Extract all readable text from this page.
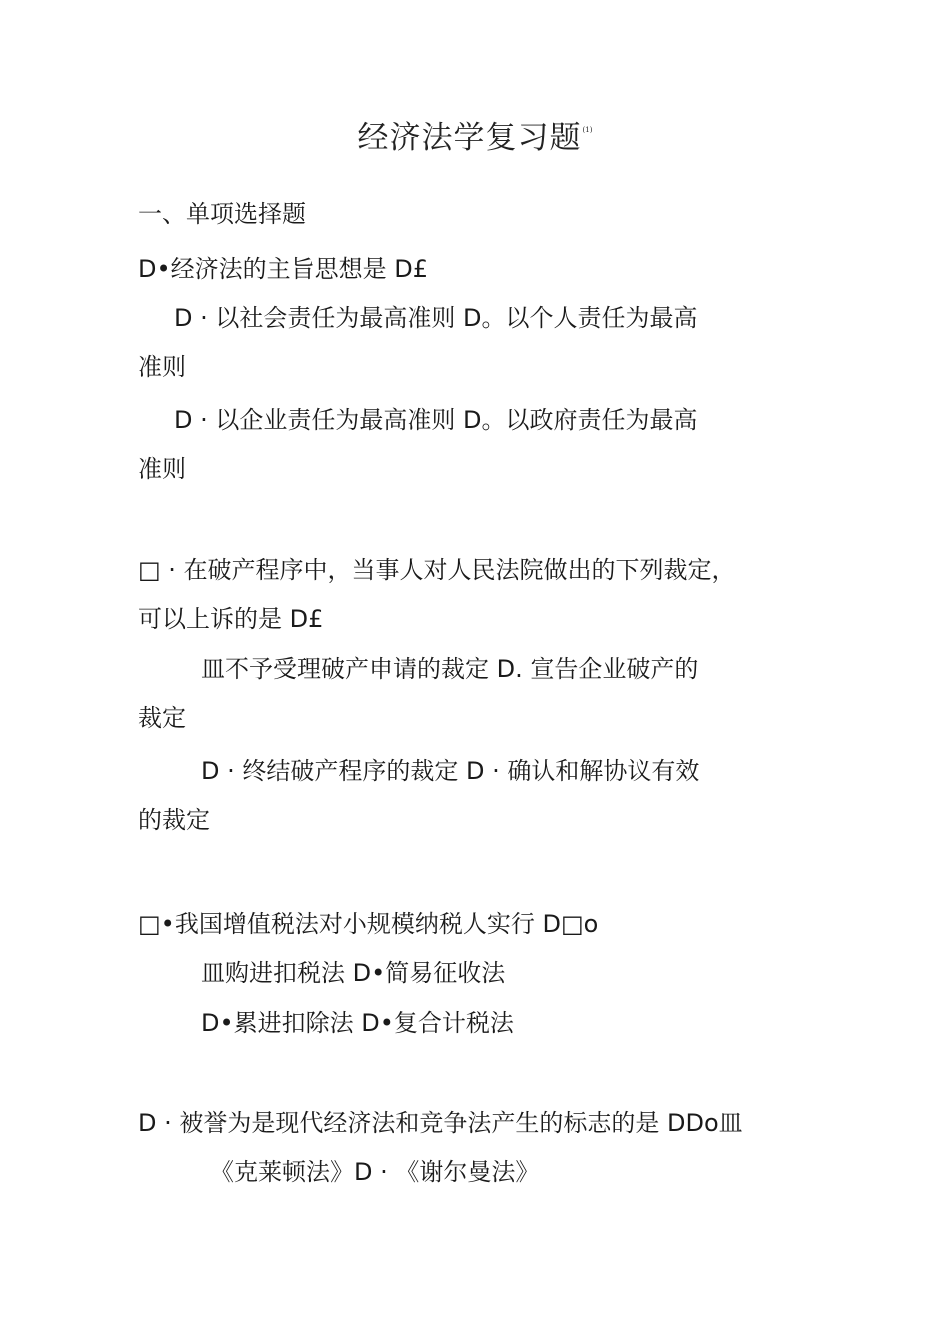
经济法学复习题$^{(1)}$
一、单项选择题
D•经济法的主旨思想是 D£
D · 以社会责任为最高准则 D。以个人责任为最高
准则
D · 以企业责任为最高准则 D。以政府责任为最高
准则
□ · 在破产程序中，当事人对人民法院做出的下列裁定，
可以上诉的是 D£
皿不予受理破产申请的裁定 D. 宣告企业破产的
裁定
D · 终结破产程序的裁定 D · 确认和解协议有效
的裁定
□•我国增值税法对小规模纳税人实行 D□o
皿购进扣税法 D•简易征收法
D•累进扣除法 D•复合计税法
D · 被誉为是现代经济法和竞争法产生的标志的是 DDo皿
《克莱顿法》D · 《谢尔曼法》
